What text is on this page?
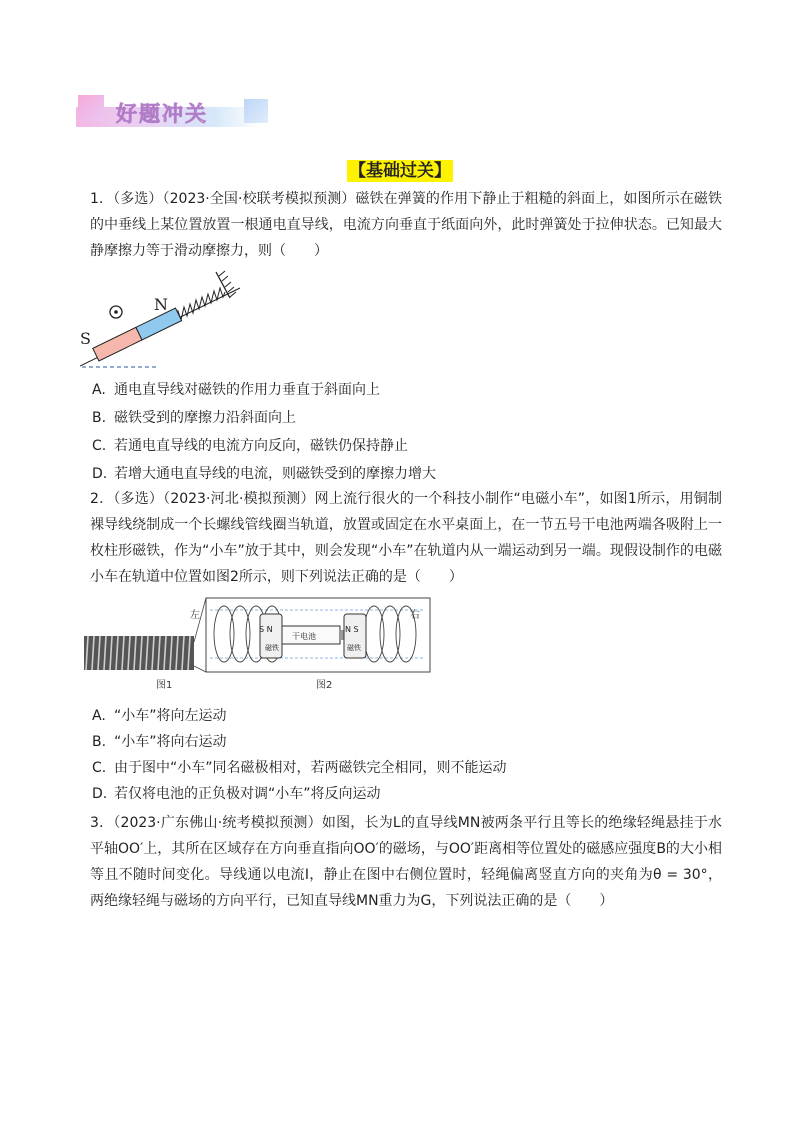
好题冲关
【基础过关】
1．（多选）（2023·全国·校联考模拟预测）磁铁在弹簧的作用下静止于粗糙的斜面上，如图所示在磁铁的中垂线上某位置放置一根通电直导线，电流方向垂直于纸面向外，此时弹簧处于拉伸状态。已知最大静摩擦力等于滑动摩擦力，则（　　）
S
N
A. 通电直导线对磁铁的作用力垂直于斜面向上
B. 磁铁受到的摩擦力沿斜面向上
C. 若通电直导线的电流方向反向，磁铁仍保持静止
D. 若增大通电直导线的电流，则磁铁受到的摩擦力增大
2．（多选）（2023·河北·模拟预测）网上流行很火的一个科技小制作“电磁小车”，如图1所示，用铜制裸导线绕制成一个长螺线管线圈当轨道，放置或固定在水平桌面上，在一节五号干电池两端各吸附上一枚柱形磁铁，作为“小车”放于其中，则会发现“小车”在轨道内从一端运动到另一端。现假设制作的电磁小车在轨道中位置如图2所示，则下列说法正确的是（　　）
左	右
S N
磁铁
干电池
N S
磁铁
图1	图2
A. “小车”将向左运动
B. “小车”将向右运动
C. 由于图中“小车”同名磁极相对，若两磁铁完全相同，则不能运动
D. 若仅将电池的正负极对调“小车”将反向运动
3．（2023·广东佛山·统考模拟预测）如图，长为L的直导线MN被两条平行且等长的绝缘轻绳悬挂于水平轴OO′上，其所在区域存在方向垂直指向OO′的磁场，与OO′距离相等位置处的磁感应强度B的大小相等且不随时间变化。导线通以电流I，静止在图中右侧位置时，轻绳偏离竖直方向的夹角为θ = 30°，两绝缘轻绳与磁场的方向平行，已知直导线MN重力为G，下列说法正确的是（　　）
